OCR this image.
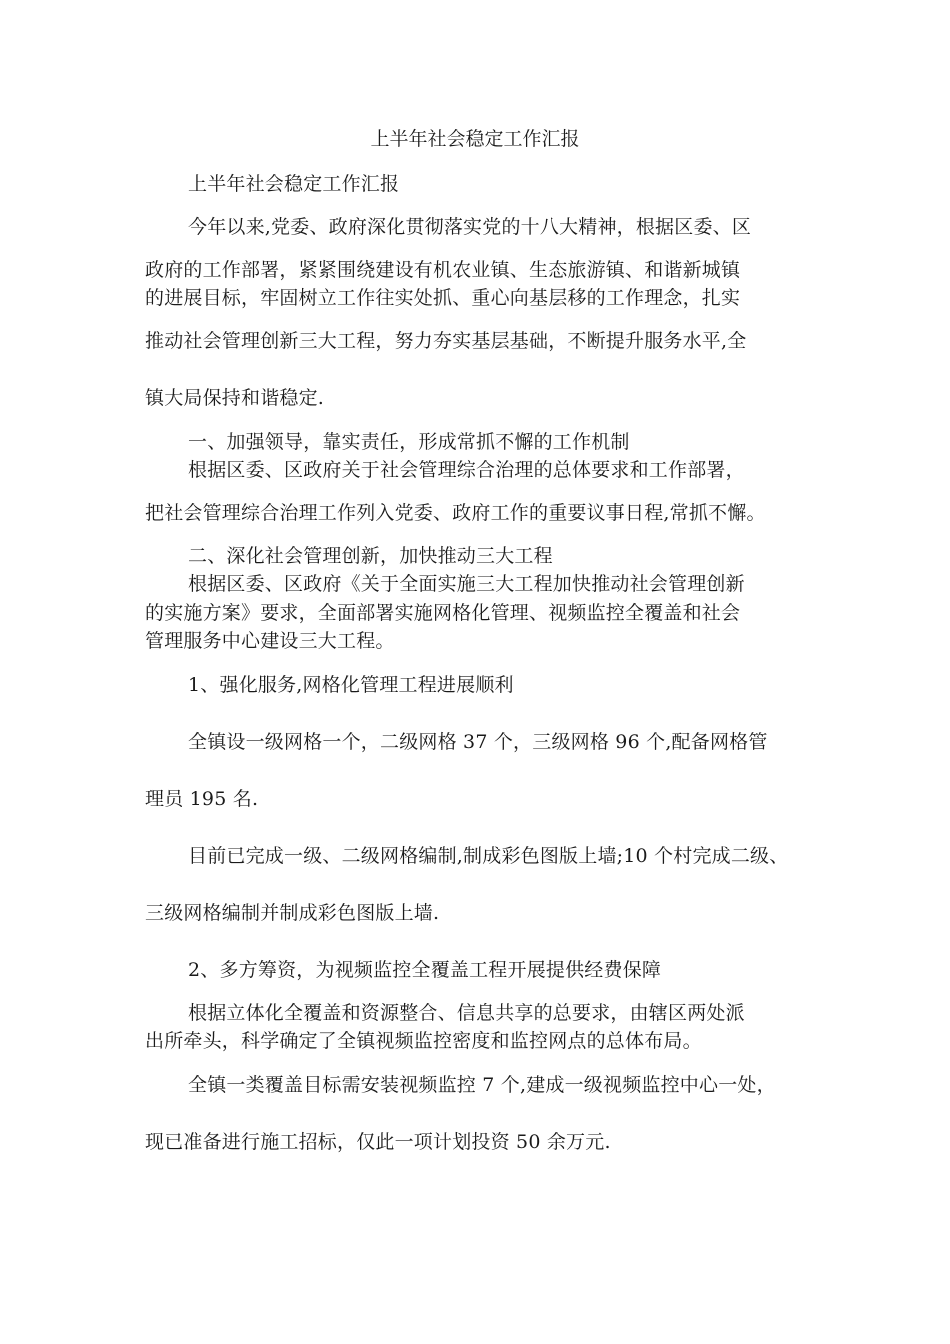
上半年社会稳定工作汇报
上半年社会稳定工作汇报
今年以来,党委、政府深化贯彻落实党的十八大精神，根据区委、区
政府的工作部署，紧紧围绕建设有机农业镇、生态旅游镇、和谐新城镇
的进展目标，牢固树立工作往实处抓、重心向基层移的工作理念，扎实
推动社会管理创新三大工程，努力夯实基层基础，不断提升服务水平,全
镇大局保持和谐稳定.
一、加强领导，靠实责任，形成常抓不懈的工作机制
根据区委、区政府关于社会管理综合治理的总体要求和工作部署，
把社会管理综合治理工作列入党委、政府工作的重要议事日程,常抓不懈。
二、深化社会管理创新，加快推动三大工程
根据区委、区政府《关于全面实施三大工程加快推动社会管理创新
的实施方案》要求，全面部署实施网格化管理、视频监控全覆盖和社会
管理服务中心建设三大工程。
1、强化服务,网格化管理工程进展顺利
全镇设一级网格一个，二级网格 37 个，三级网格 96 个,配备网格管
理员 195 名.
目前已完成一级、二级网格编制,制成彩色图版上墙;10 个村完成二级、
三级网格编制并制成彩色图版上墙.
2、多方筹资，为视频监控全覆盖工程开展提供经费保障
根据立体化全覆盖和资源整合、信息共享的总要求，由辖区两处派
出所牵头，科学确定了全镇视频监控密度和监控网点的总体布局。
全镇一类覆盖目标需安装视频监控 7 个,建成一级视频监控中心一处，
现已准备进行施工招标，仅此一项计划投资 50 余万元.
